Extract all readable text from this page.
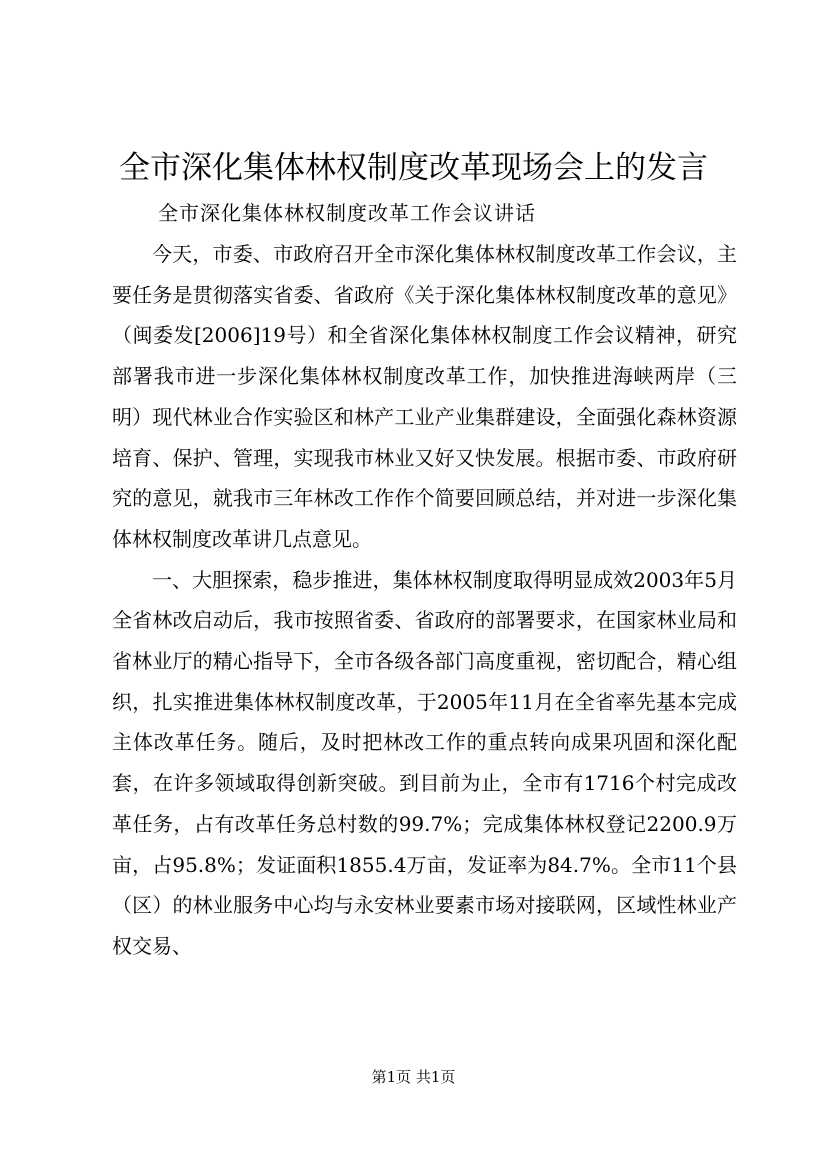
全市深化集体林权制度改革现场会上的发言
全市深化集体林权制度改革工作会议讲话

今天，市委、市政府召开全市深化集体林权制度改革工作会议，主要任务是贯彻落实省委、省政府《关于深化集体林权制度改革的意见》（闽委发[2006]19号）和全省深化集体林权制度工作会议精神，研究部署我市进一步深化集体林权制度改革工作，加快推进海峡两岸（三明）现代林业合作实验区和林产工业产业集群建设，全面强化森林资源培育、保护、管理，实现我市林业又好又快发展。根据市委、市政府研究的意见，就我市三年林改工作作个简要回顾总结，并对进一步深化集体林权制度改革讲几点意见。

一、大胆探索，稳步推进，集体林权制度取得明显成效2003年5月全省林改启动后，我市按照省委、省政府的部署要求，在国家林业局和省林业厅的精心指导下，全市各级各部门高度重视，密切配合，精心组织，扎实推进集体林权制度改革，于2005年11月在全省率先基本完成主体改革任务。随后，及时把林改工作的重点转向成果巩固和深化配套，在许多领域取得创新突破。到目前为止，全市有1716个村完成改革任务，占有改革任务总村数的99.7%；完成集体林权登记2200.9万亩，占95.8%；发证面积1855.4万亩，发证率为84.7%。全市11个县（区）的林业服务中心均与永安林业要素市场对接联网，区域性林业产权交易、

第1页 共1页
